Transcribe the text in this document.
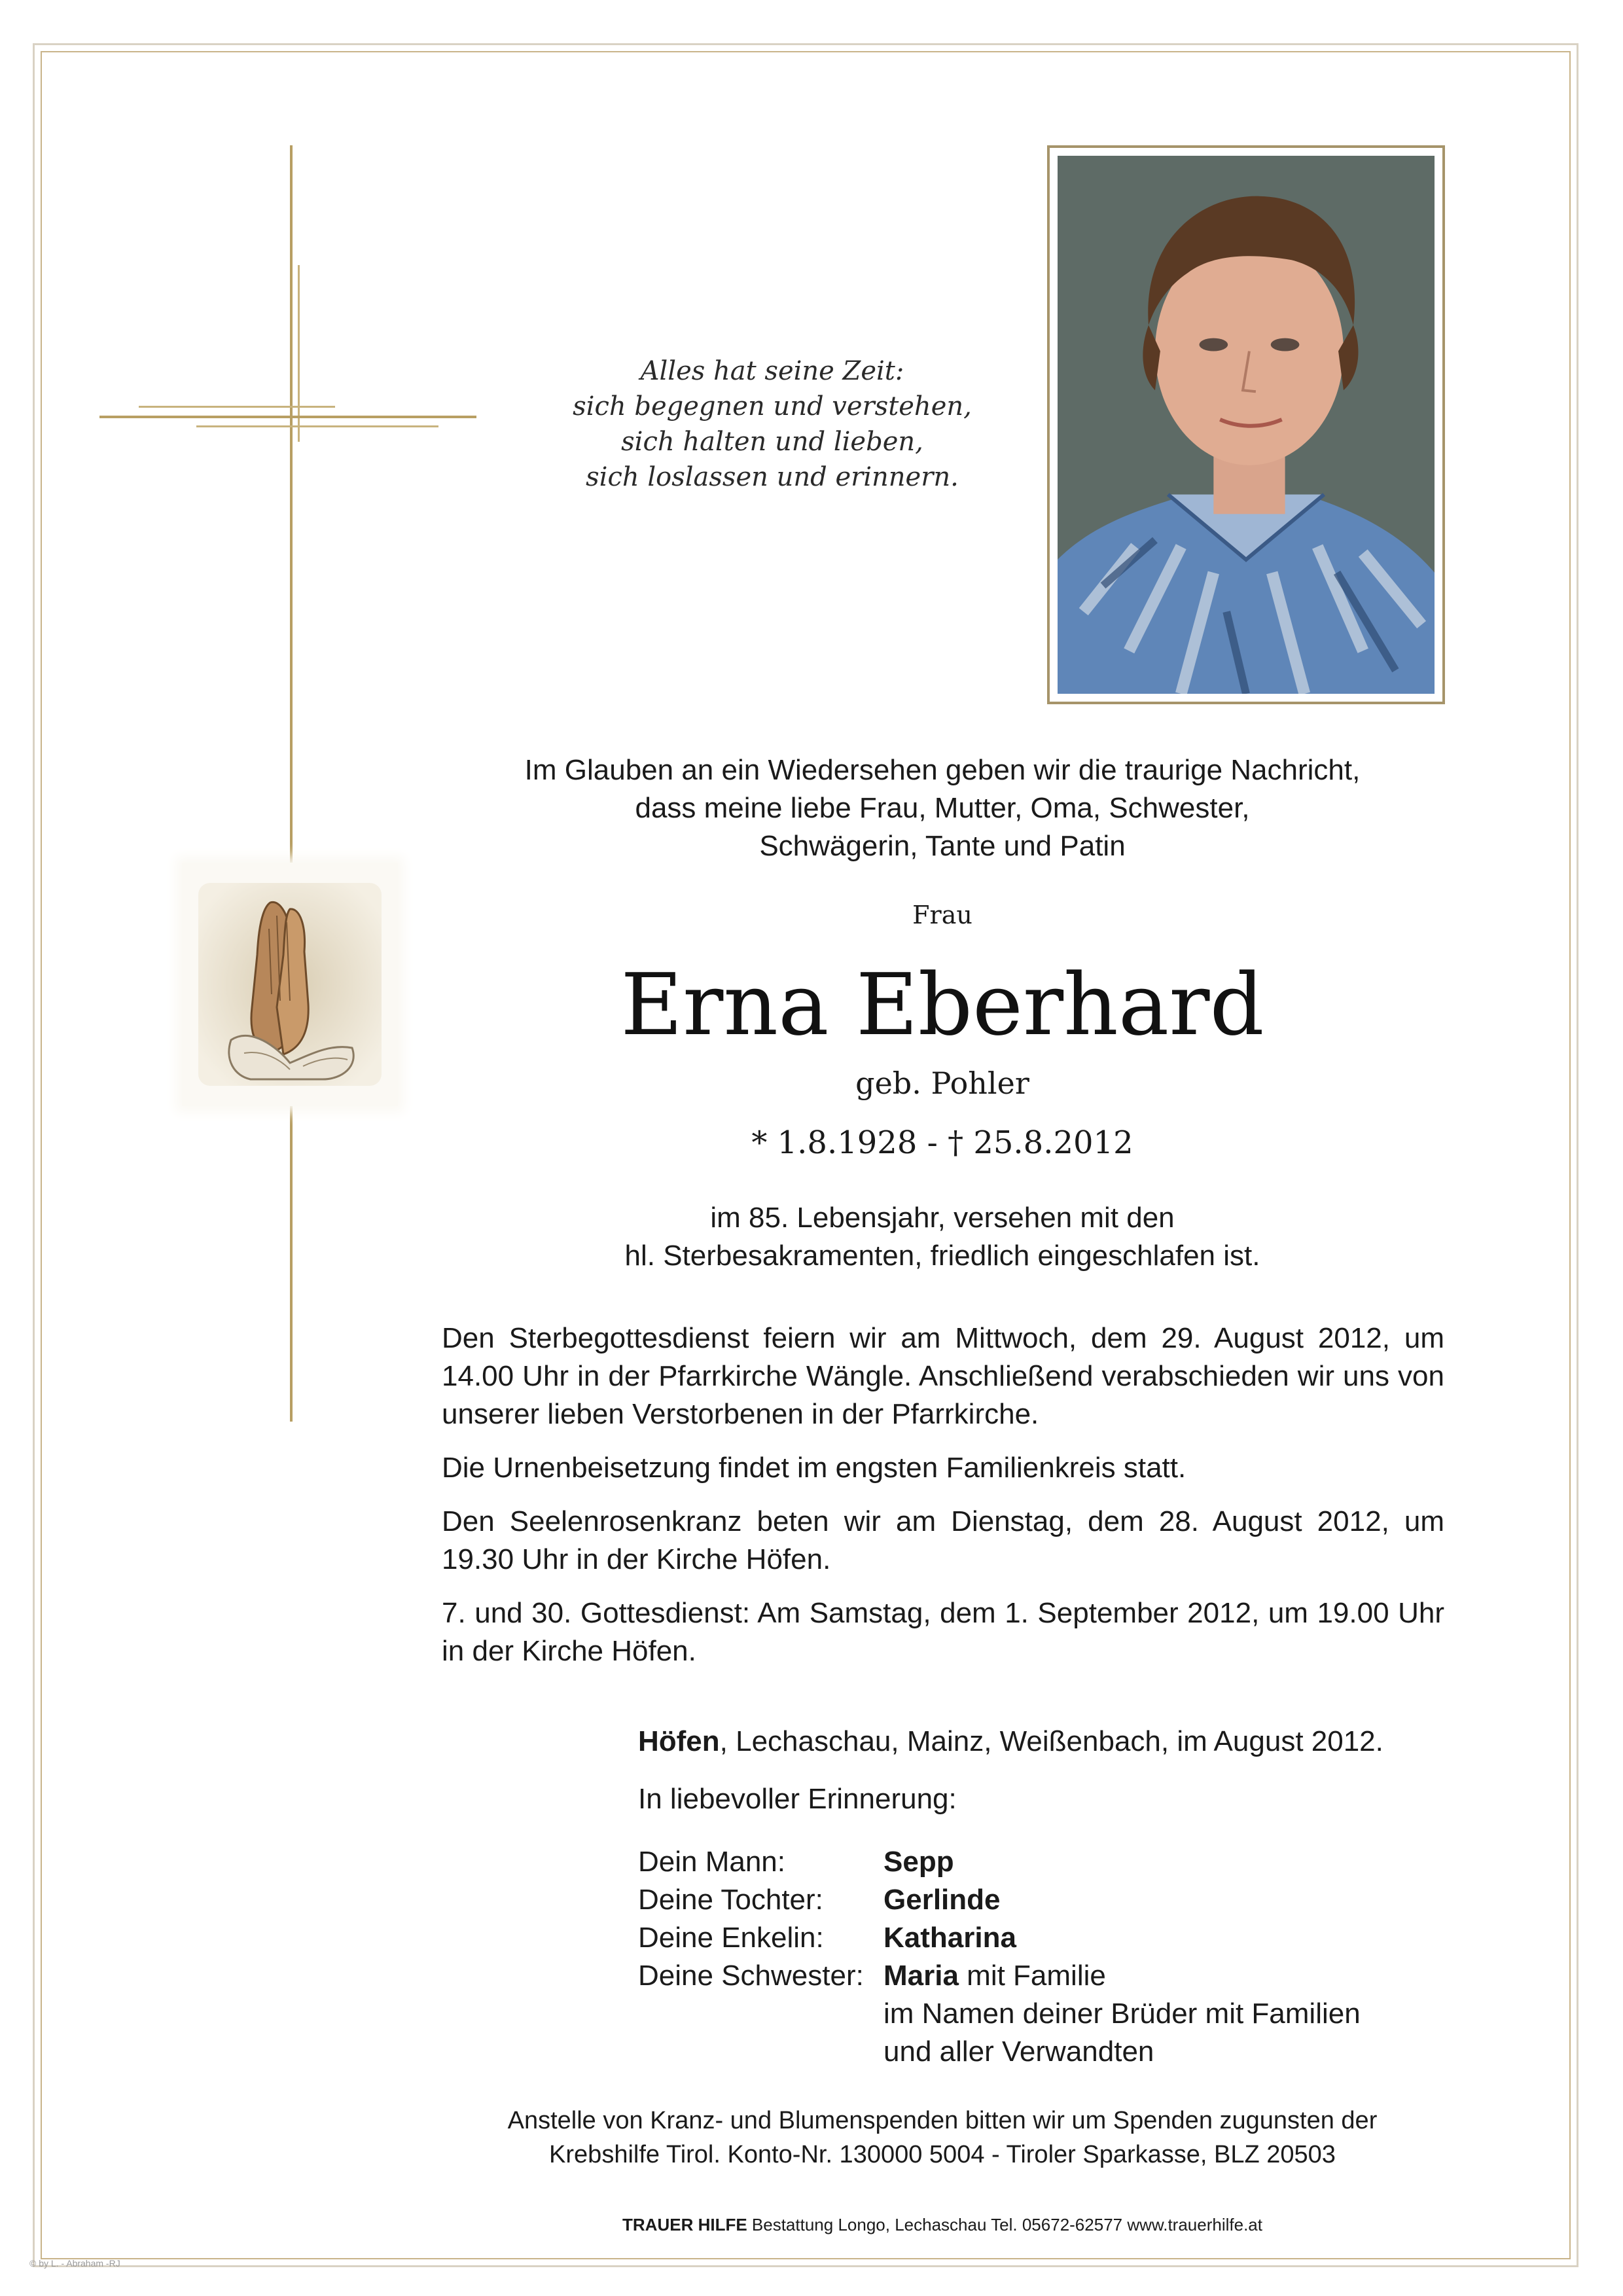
Alles hat seine Zeit:
sich begegnen und verstehen,
sich halten und lieben,
sich loslassen und erinnern.
Im Glauben an ein Wiedersehen geben wir die traurige Nachricht,
dass meine liebe Frau, Mutter, Oma, Schwester,
Schwägerin, Tante und Patin
Frau
Erna Eberhard
geb. Pohler
* 1.8.1928 - † 25.8.2012
im 85. Lebensjahr, versehen mit den
hl. Sterbesakramenten, friedlich eingeschlafen ist.

Den Sterbegottesdienst feiern wir am Mittwoch, dem 29. August 2012, um 14.00 Uhr in der Pfarrkirche Wängle. Anschließend verabschieden wir uns von unserer lieben Verstorbenen in der Pfarrkirche.

Die Urnenbeisetzung findet im engsten Familienkreis statt.

Den Seelenrosenkranz beten wir am Dienstag, dem 28. August 2012, um 19.30 Uhr in der Kirche Höfen.

7. und 30. Gottesdienst: Am Samstag, dem 1. September 2012, um 19.00 Uhr in der Kirche Höfen.

Höfen, Lechaschau, Mainz, Weißenbach, im August 2012.
In liebevoller Erinnerung:
Dein Mann:	Sepp
Deine Tochter:	Gerlinde
Deine Enkelin:	Katharina
Deine Schwester: Maria mit Familie
im Namen deiner Brüder mit Familien
und aller Verwandten
Anstelle von Kranz- und Blumenspenden bitten wir um Spenden zugunsten der
Krebshilfe Tirol. Konto-Nr. 130000 5004 - Tiroler Sparkasse, BLZ 20503
TRAUER HILFE Bestattung Longo, Lechaschau Tel. 05672-62577 www.trauerhilfe.at
© by L. - Abraham -RJ
